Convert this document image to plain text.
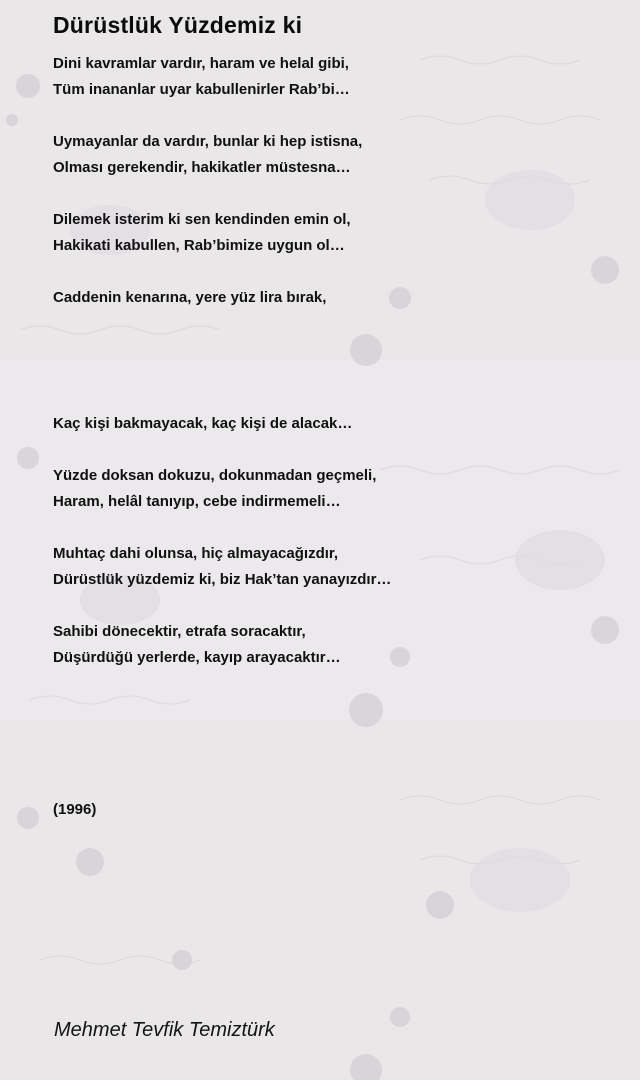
Dürüstlük Yüzdemiz ki
Dini kavramlar vardır, haram ve helal gibi,
Tüm inananlar uyar kabullenirler Rab’bi…
Uymayanlar da vardır, bunlar ki hep istisna,
Olması gerekendir, hakikatler müstesna…
Dilemek isterim ki sen kendinden emin ol,
Hakikati kabullen, Rab’bimize uygun ol…
Caddenin kenarına, yere yüz lira bırak,
Kaç kişi bakmayacak, kaç kişi de alacak…
Yüzde doksan dokuzu, dokunmadan geçmeli,
Haram, helâl tanıyıp, cebe indirmemeli…
Muhtaç dahi olunsa, hiç almayacağızdır,
Dürüstlük yüzdemiz ki, biz Hak’tan yanayızdır…
Sahibi dönecektir, etrafa soracaktır,
Düşürdüğü yerlerde, kayıp arayacaktır…
(1996)
Mehmet Tevfik Temiztürk
